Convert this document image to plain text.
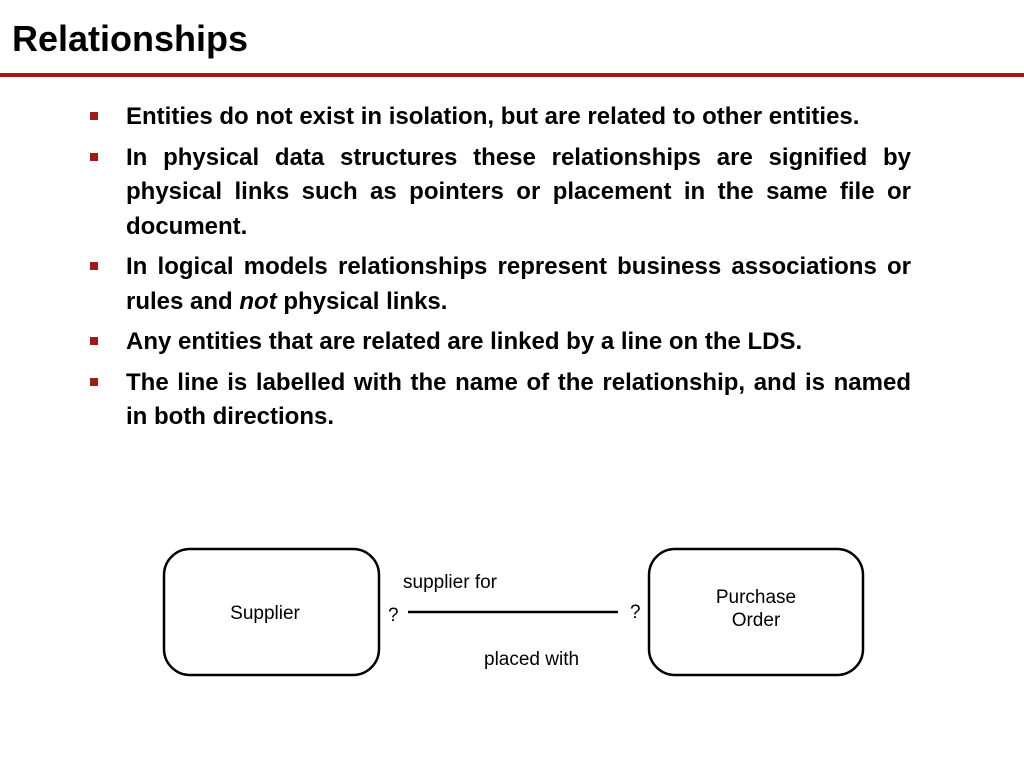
Relationships
Entities do not exist in isolation, but are related to other entities.
In physical data structures these relationships are signified by physical links such as pointers or placement in the same file or document.
In logical models relationships represent business associations or rules and not physical links.
Any entities that are related are linked by a line on the LDS.
The line is labelled with the name of the relationship, and is named in both directions.
Supplier
Purchase
Order
supplier for
placed with
?	?
